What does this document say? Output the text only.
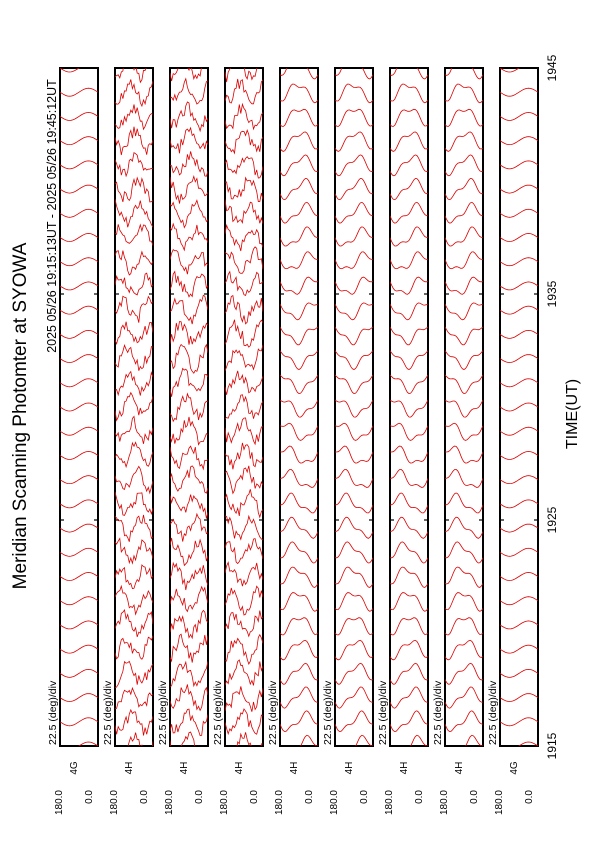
Meridian Scanning Photomter at SYOWA
2025 05/26 19:15:13UT - 2025 05/26 19:45:12UT
TIME(UT)
1915
1925
1935
1945
180.0 0.0
4G
22.5 (deg)/div
180.0 0.0
4H
22.5 (deg)/div
180.0 0.0
4H
22.5 (deg)/div
180.0 0.0
4H
22.5 (deg)/div
180.0 0.0
4H
22.5 (deg)/div
180.0 0.0
4H
22.5 (deg)/div
180.0 0.0
4H
22.5 (deg)/div
180.0 0.0
4H
22.5 (deg)/div
180.0 0.0
4G
22.5 (deg)/div
